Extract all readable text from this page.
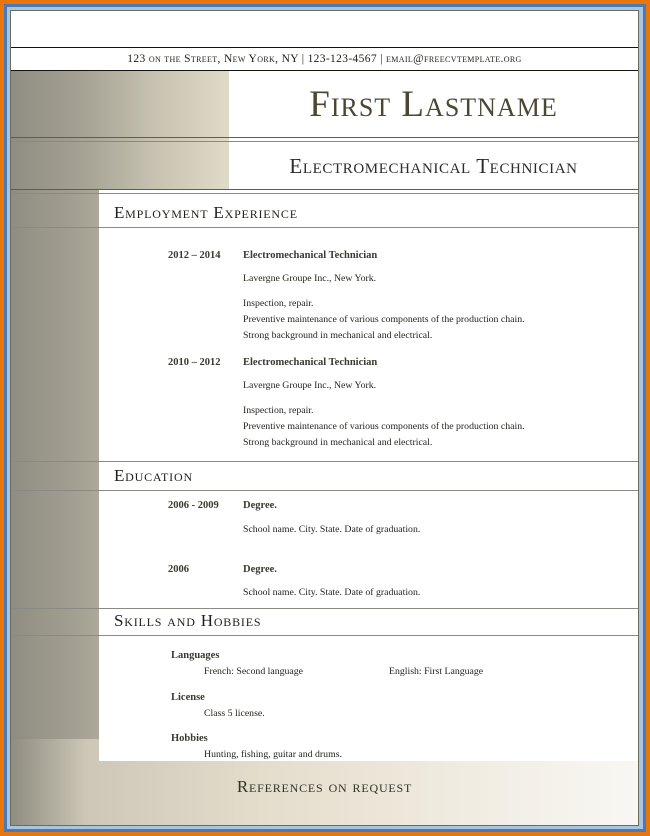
123 on the Street, New York, NY | 123-123-4567 | email@freecvtemplate.org
First Lastname
Electromechanical Technician
Employment Experience
2012 – 2014	Electromechanical Technician
Lavergne Groupe Inc., New York.
Inspection, repair.
Preventive maintenance of various components of the production chain.
Strong background in mechanical and electrical.
2010 – 2012	Electromechanical Technician
Lavergne Groupe Inc., New York.
Inspection, repair.
Preventive maintenance of various components of the production chain.
Strong background in mechanical and electrical.
Education
2006 - 2009	Degree.
School name. City. State. Date of graduation.
2006	Degree.
School name. City. State. Date of graduation.
Skills and Hobbies
Languages
French: Second language	English: First Language
License
Class 5 license.
Hobbies
Hunting, fishing, guitar and drums.
References on request
